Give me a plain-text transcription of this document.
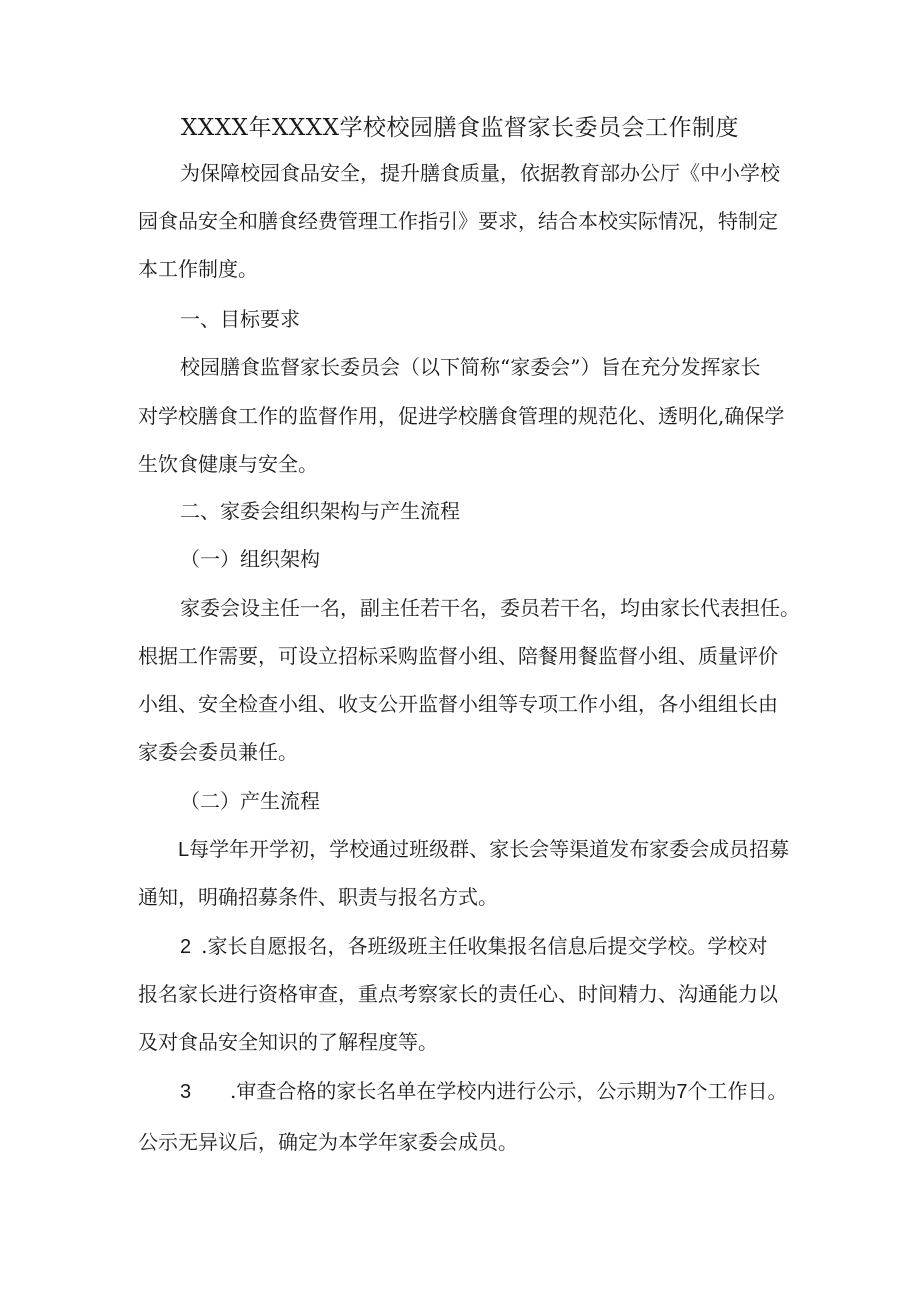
XXXX年XXXX学校校园膳食监督家长委员会工作制度
为保障校园食品安全，提升膳食质量，依据教育部办公厅《中小学校
园食品安全和膳食经费管理工作指引》要求，结合本校实际情况，特制定
本工作制度。
一、目标要求
校园膳食监督家长委员会（以下简称“家委会”）旨在充分发挥家长
对学校膳食工作的监督作用，促进学校膳食管理的规范化、透明化,确保学
生饮食健康与安全。
二、家委会组织架构与产生流程
（一）组织架构
家委会设主任一名，副主任若干名，委员若干名，均由家长代表担任。
根据工作需要，可设立招标采购监督小组、陪餐用餐监督小组、质量评价
小组、安全检查小组、收支公开监督小组等专项工作小组，各小组组长由
家委会委员兼任。
（二）产生流程
L每学年开学初，学校通过班级群、家长会等渠道发布家委会成员招募
通知，明确招募条件、职责与报名方式。
2 .家长自愿报名，各班级班主任收集报名信息后提交学校。学校对
报名家长进行资格审查，重点考察家长的责任心、时间精力、沟通能力以
及对食品安全知识的了解程度等。
3 .审查合格的家长名单在学校内进行公示，公示期为7个工作日。
公示无异议后，确定为本学年家委会成员。
